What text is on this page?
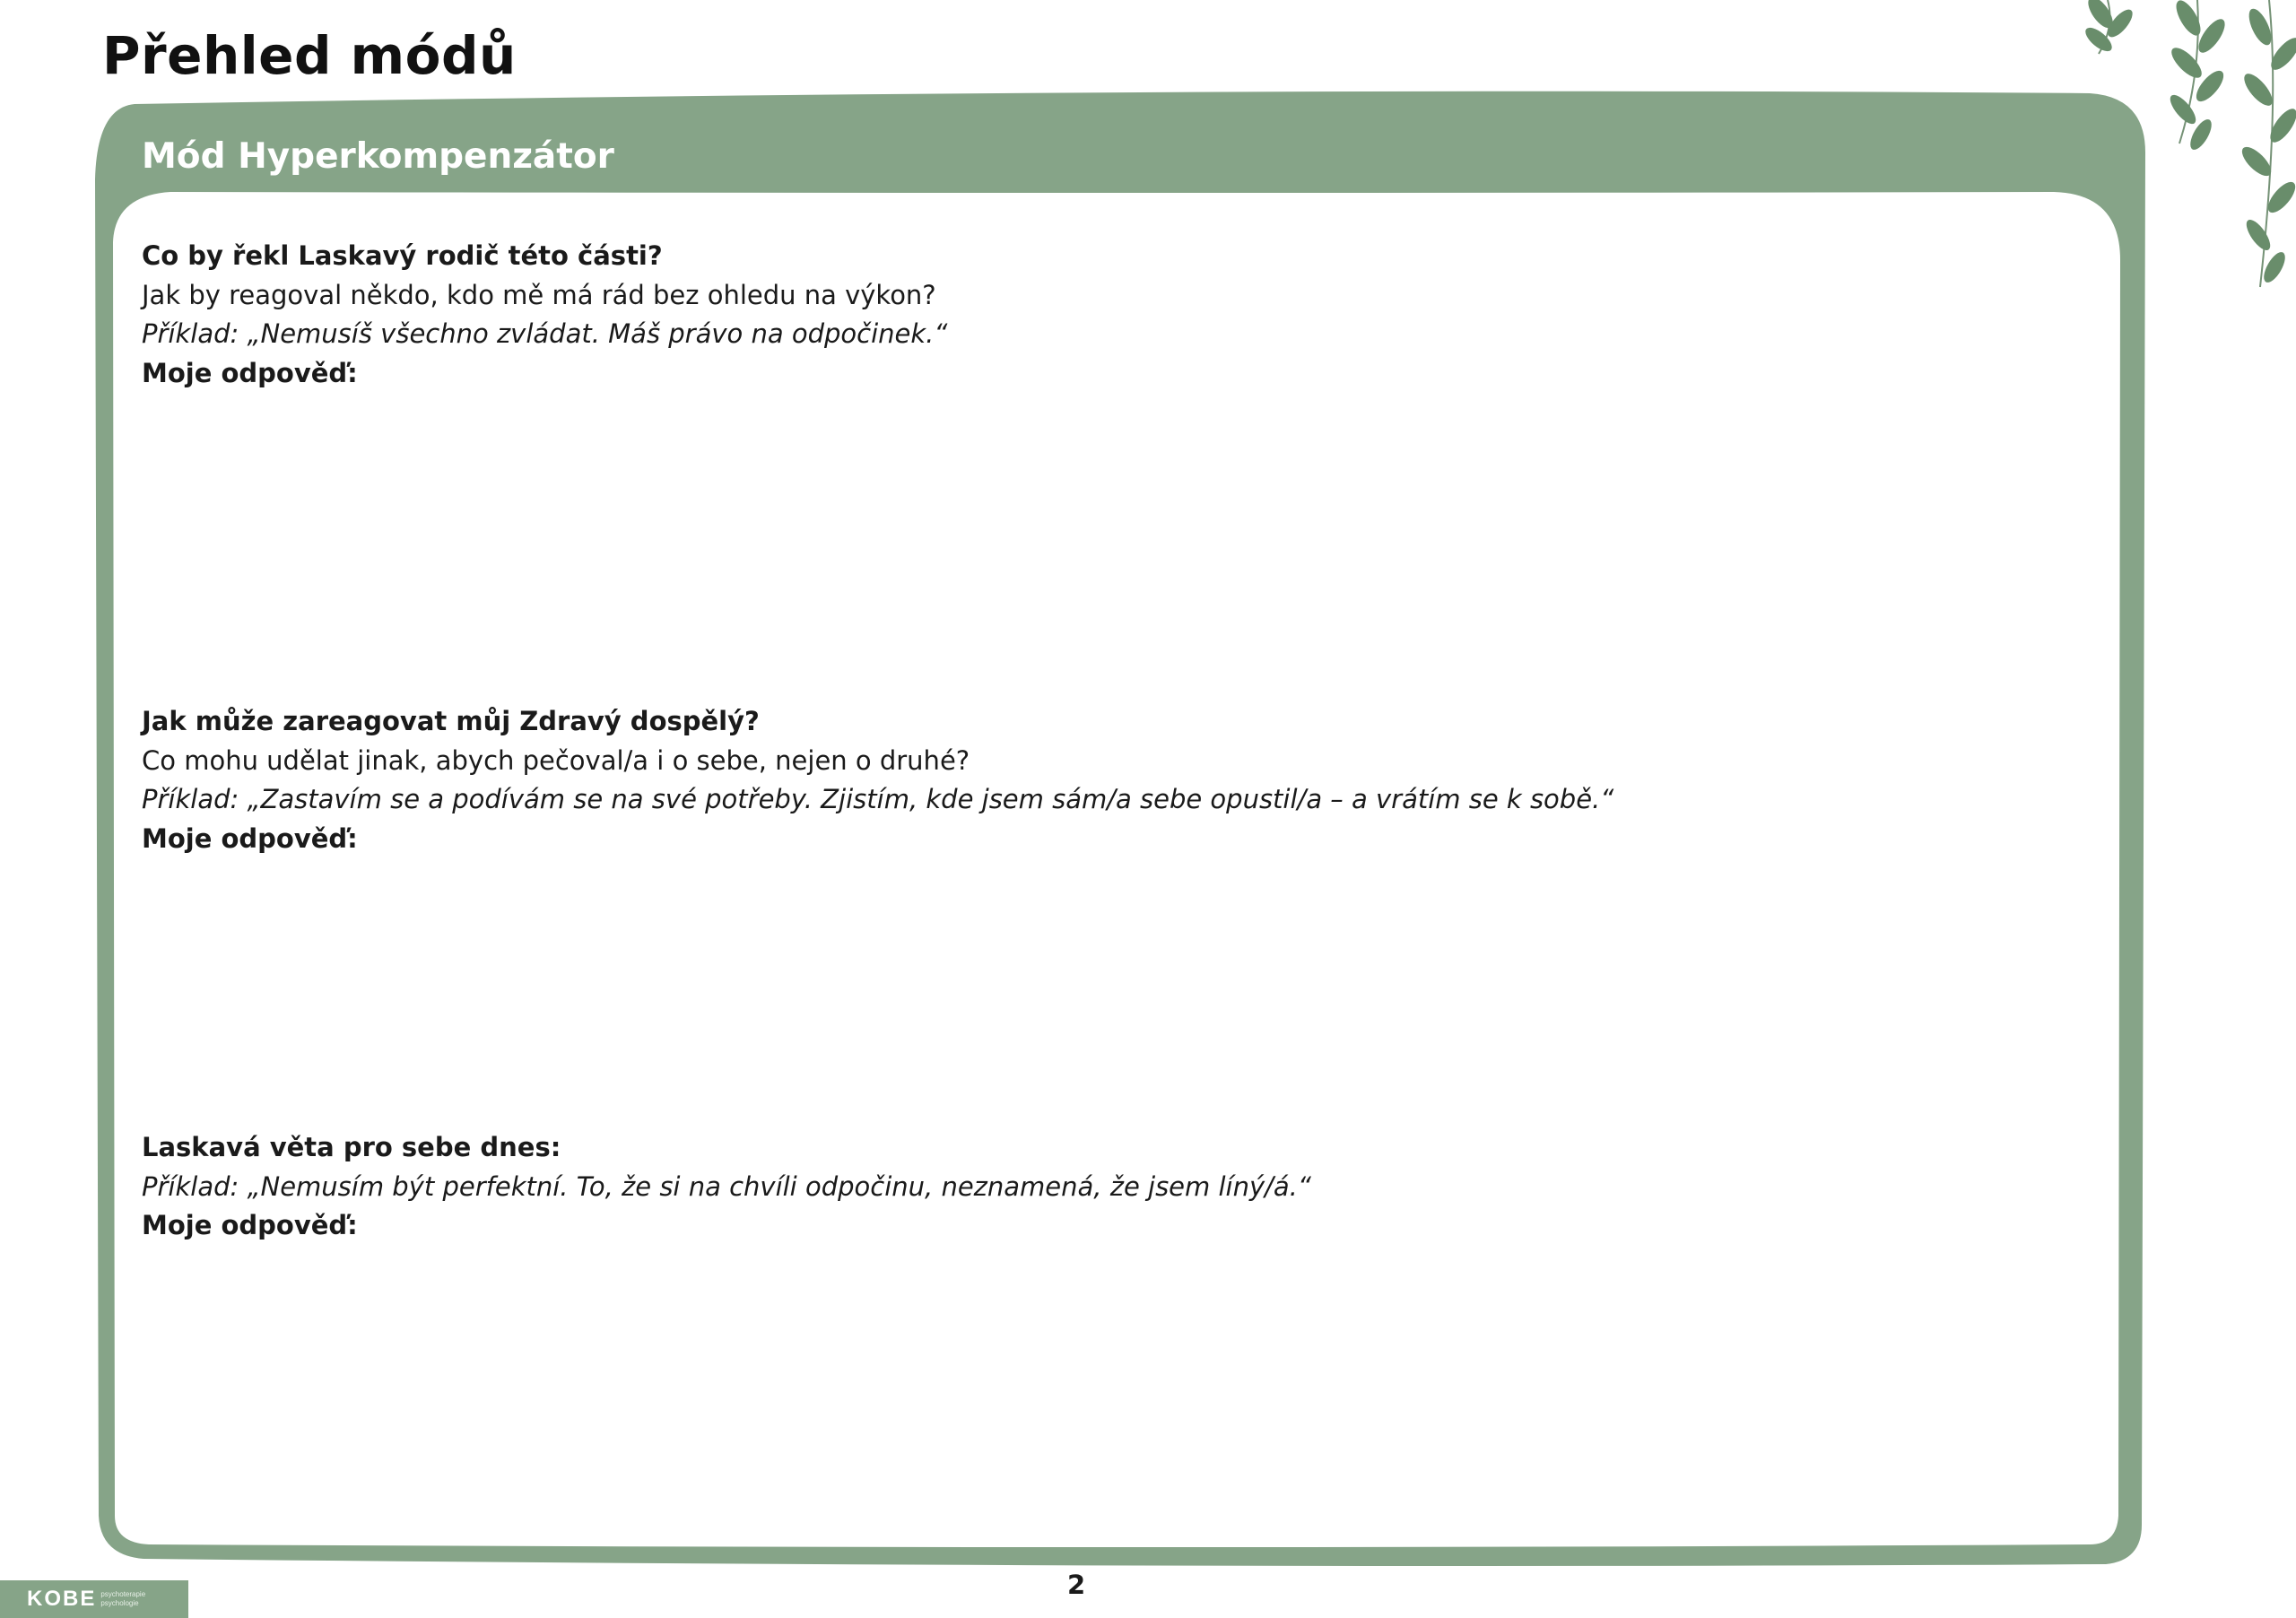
Přehled módů
Mód Hyperkompenzátor
Co by řekl Laskavý rodič této části?
Jak by reagoval někdo, kdo mě má rád bez ohledu na výkon?
Příklad: „Nemusíš všechno zvládat. Máš právo na odpočinek.“
Moje odpověď:
Jak může zareagovat můj Zdravý dospělý?
Co mohu udělat jinak, abych pečoval/a i o sebe, nejen o druhé?
Příklad: „Zastavím se a podívám se na své potřeby. Zjistím, kde jsem sám/a sebe opustil/a – a vrátím se k sobě.“
Moje odpověď:
Laskavá věta pro sebe dnes:
Příklad: „Nemusím být perfektní. To, že si na chvíli odpočinu, neznamená, že jsem líný/á.“
Moje odpověď:
2
KOBE psychoterapie
psychologie
